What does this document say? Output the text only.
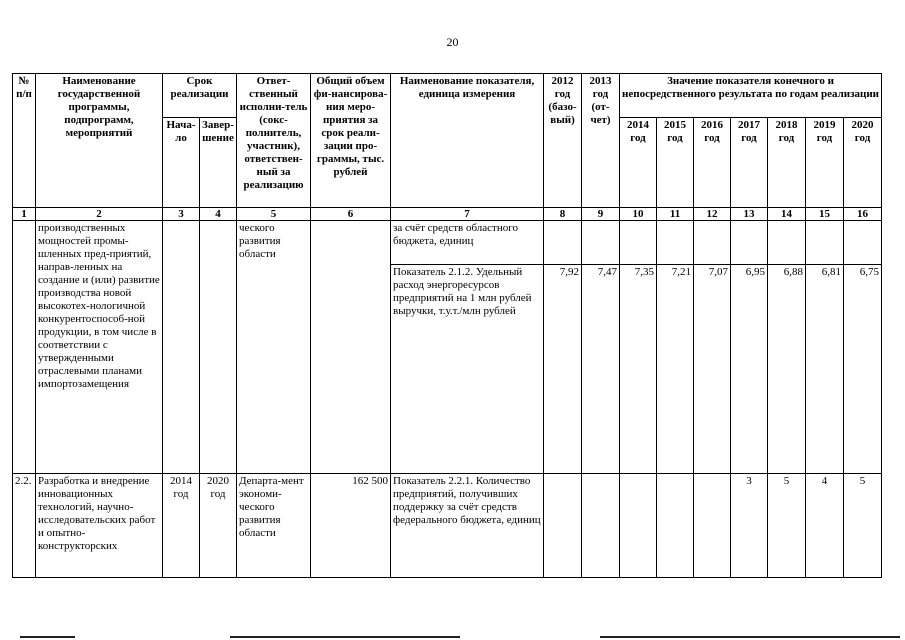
20
№ п/п	Наименование государственной программы, подпрограмм, мероприятий	Срок реализации		Ответ-ственный исполни-тель (сокс-полнитель, участник), ответствен-ный за реализацию	Общий объем фи-нансирова-ния меро-приятия за срок реали-зации про-граммы, тыс. рублей	Наименование показателя, единица измерения	2012 год (базо-вый)	2013 год (от-чет)	Значение показателя конечного и непосредственного результата по годам реализации						
		Нача-ло	Завер-шение						2014 год	2015 год	2016 год	2017 год	2018 год	2019 год	2020 год
1	2	3	4	5	6	7	8	9	10	11	12	13	14	15	16
	производственных мощностей промы-шленных пред-приятий, направ-ленных на создание и (или) развитие производства новой высокотех-нологичной конкурентоспособ-ной продукции, в том числе в соответствии с утвержденными отраслевыми планами импортозамещения			ческого развития области		за счёт средств областного бюджета, единиц									
						Показатель 2.1.2. Удельный расход энергоресурсов предприятий на 1 млн рублей выручки, т.у.т./млн рублей	7,92	7,47	7,35	7,21	7,07	6,95	6,88	6,81	6,75
2.2.	Разработка и внедрение инновационных технологий, научно-исследовательских работ и опытно-конструкторских	2014 год	2020 год	Департа-мент экономи-ческого развития области	162 500	Показатель 2.2.1. Количество предприятий, получивших поддержку за счёт средств федерального бюджета, единиц						3	5	4	5
